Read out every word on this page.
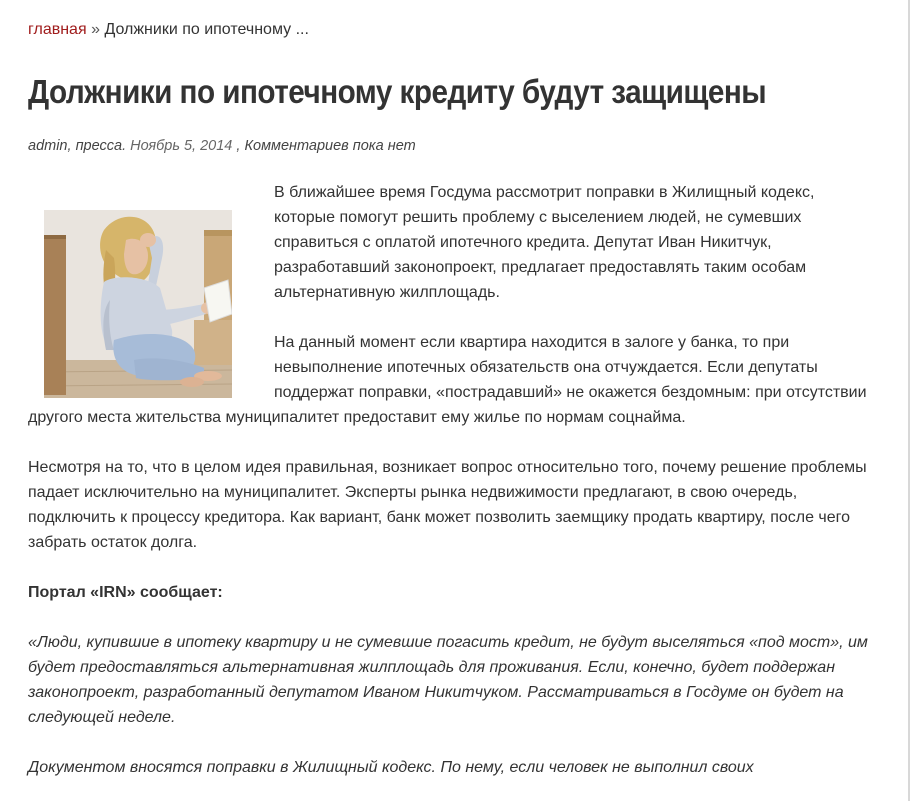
главная » Должники по ипотечному ...
Должники по ипотечному кредиту будут защищены
admin, пресса. Ноябрь 5, 2014 , Комментариев пока нет

В ближайшее время Госдума рассмотрит поправки в Жилищный кодекс, которые помогут решить проблему с выселением людей, не сумевших справиться с оплатой ипотечного кредита. Депутат Иван Никитчук, разработавший законопроект, предлагает предоставлять таким особам альтернативную жилплощадь.

На данный момент если квартира находится в залоге у банка, то при невыполнение ипотечных обязательств она отчуждается. Если депутаты поддержат поправки, «пострадавший» не окажется бездомным: при отсутствии другого места жительства муниципалитет предоставит ему жилье по нормам соцнайма.

Несмотря на то, что в целом идея правильная, возникает вопрос относительно того, почему решение проблемы падает исключительно на муниципалитет. Эксперты рынка недвижимости предлагают, в свою очередь, подключить к процессу кредитора. Как вариант, банк может позволить заемщику продать квартиру, после чего забрать остаток долга.

Портал «IRN» сообщает:

«Люди, купившие в ипотеку квартиру и не сумевшие погасить кредит, не будут выселяться «под мост», им будет предоставляться альтернативная жилплощадь для проживания. Если, конечно, будет поддержан законопроект, разработанный депутатом Иваном Никитчуком. Рассматриваться в Госдуме он будет на следующей неделе.

Документом вносятся поправки в Жилищный кодекс. По нему, если человек не выполнил своих
